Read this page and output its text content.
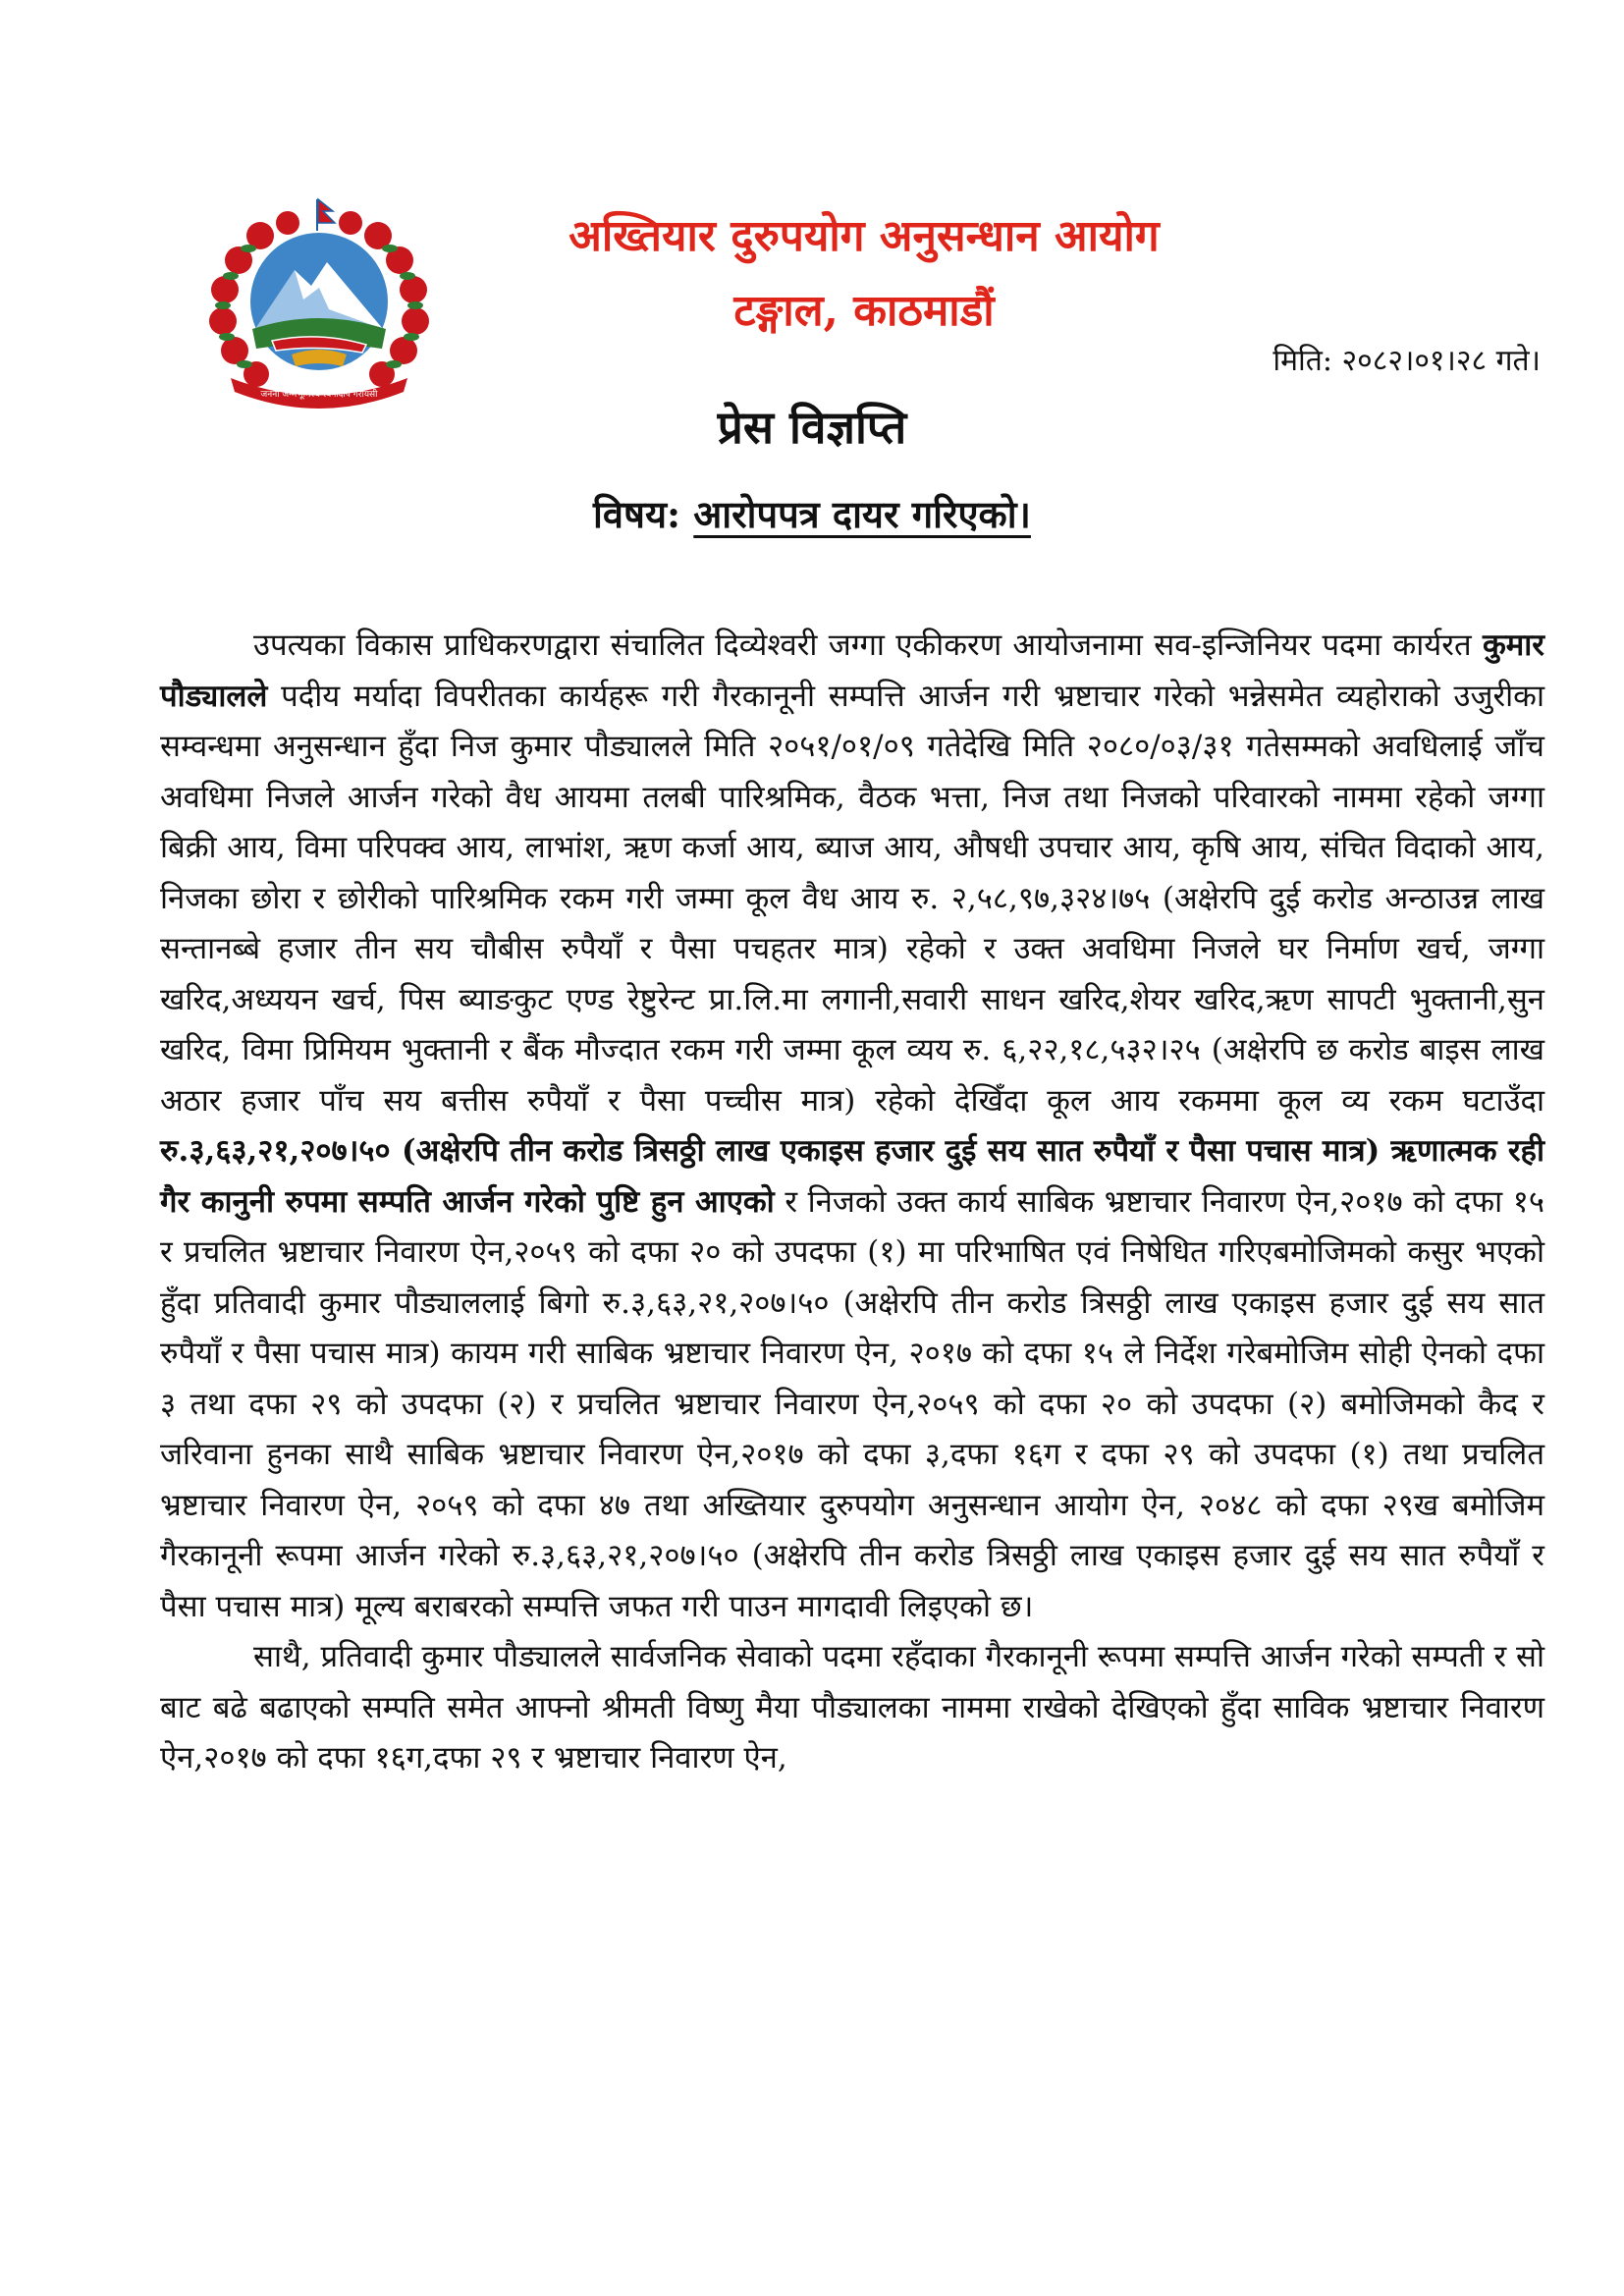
जननी जन्मभूमिश्च स्वर्गादपि गरीयसी
अख्तियार दुरुपयोग अनुसन्धान आयोग
टङ्गाल, काठमाडौं
मिति: २०८२।०१।२८ गते।
प्रेस विज्ञप्ति
विषय: आरोपपत्र दायर गरिएको।

उपत्यका विकास प्राधिकरणद्वारा संचालित दिव्येश्वरी जग्गा एकीकरण आयोजनामा सव-इन्जिनियर पदमा कार्यरत कुमार पौड्यालले पदीय मर्यादा विपरीतका कार्यहरू गरी गैरकानूनी सम्पत्ति आर्जन गरी भ्रष्टाचार गरेको भन्नेसमेत व्यहोराको उजुरीका सम्वन्धमा अनुसन्धान हुँदा निज कुमार पौड्यालले मिति २०५१/०१/०९ गतेदेखि मिति २०८०/०३/३१ गतेसम्मको अवधिलाई जाँच अवधिमा निजले आर्जन गरेको वैध आयमा तलबी पारिश्रमिक, वैठक भत्ता, निज तथा निजको परिवारको नाममा रहेको जग्गा बिक्री आय, विमा परिपक्व आय, लाभांश, ऋण कर्जा आय, ब्याज आय, औषधी उपचार आय, कृषि आय, संचित विदाको आय, निजका छोरा र छोरीको पारिश्रमिक रकम गरी जम्मा कूल वैध आय रु. २,५८,९७,३२४।७५ (अक्षेरपि दुई करोड अन्ठाउन्न लाख सन्तानब्बे हजार तीन सय चौबीस रुपैयाँ र पैसा पचहतर मात्र) रहेको र उक्त अवधिमा निजले घर निर्माण खर्च, जग्गा खरिद,अध्ययन खर्च, पिस ब्याङकुट एण्ड रेष्टुरेन्ट प्रा.लि.मा लगानी,सवारी साधन खरिद,शेयर खरिद,ऋण सापटी भुक्तानी,सुन खरिद, विमा प्रिमियम भुक्तानी र बैंक मौज्दात रकम गरी जम्मा कूल व्यय रु. ६,२२,१८,५३२।२५ (अक्षेरपि छ करोड बाइस लाख अठार हजार पाँच सय बत्तीस रुपैयाँ र पैसा पच्चीस मात्र) रहेको देखिँदा कूल आय रकममा कूल व्य रकम घटाउँदा रु.३,६३,२१,२०७।५० (अक्षेरपि तीन करोड त्रिसठ्ठी लाख एकाइस हजार दुई सय सात रुपैयाँ र पैसा पचास मात्र) ऋणात्मक रही गैर कानुनी रुपमा सम्पति आर्जन गरेको पुष्टि हुन आएको र निजको उक्त कार्य साबिक भ्रष्टाचार निवारण ऐन,२०१७ को दफा १५ र प्रचलित भ्रष्टाचार निवारण ऐन,२०५९ को दफा २० को उपदफा (१) मा परिभाषित एवं निषेधित गरिएबमोजिमको कसुर भएको हुँदा प्रतिवादी कुमार पौड्याललाई बिगो रु.३,६३,२१,२०७।५० (अक्षेरपि तीन करोड त्रिसठ्ठी लाख एकाइस हजार दुई सय सात रुपैयाँ र पैसा पचास मात्र) कायम गरी साबिक भ्रष्टाचार निवारण ऐन, २०१७ को दफा १५ ले निर्देश गरेबमोजिम सोही ऐनको दफा ३ तथा दफा २९ को उपदफा (२) र प्रचलित भ्रष्टाचार निवारण ऐन,२०५९ को दफा २० को उपदफा (२) बमोजिमको कैद र जरिवाना हुनका साथै साबिक भ्रष्टाचार निवारण ऐन,२०१७ को दफा ३,दफा १६ग र दफा २९ को उपदफा (१) तथा प्रचलित भ्रष्टाचार निवारण ऐन, २०५९ को दफा ४७ तथा अख्तियार दुरुपयोग अनुसन्धान आयोग ऐन, २०४८ को दफा २९ख बमोजिम गैरकानूनी रूपमा आर्जन गरेको रु.३,६३,२१,२०७।५० (अक्षेरपि तीन करोड त्रिसठ्ठी लाख एकाइस हजार दुई सय सात रुपैयाँ र पैसा पचास मात्र) मूल्य बराबरको सम्पत्ति जफत गरी पाउन मागदावी लिइएको छ।

साथै, प्रतिवादी कुमार पौड्यालले सार्वजनिक सेवाको पदमा रहँदाका गैरकानूनी रूपमा सम्पत्ति आर्जन गरेको सम्पती र सो बाट बढे बढाएको सम्पति समेत आफ्नो श्रीमती विष्णु मैया पौड्यालका नाममा राखेको देखिएको हुँदा साविक भ्रष्टाचार निवारण ऐन,२०१७ को दफा १६ग,दफा २९ र भ्रष्टाचार निवारण ऐन,
